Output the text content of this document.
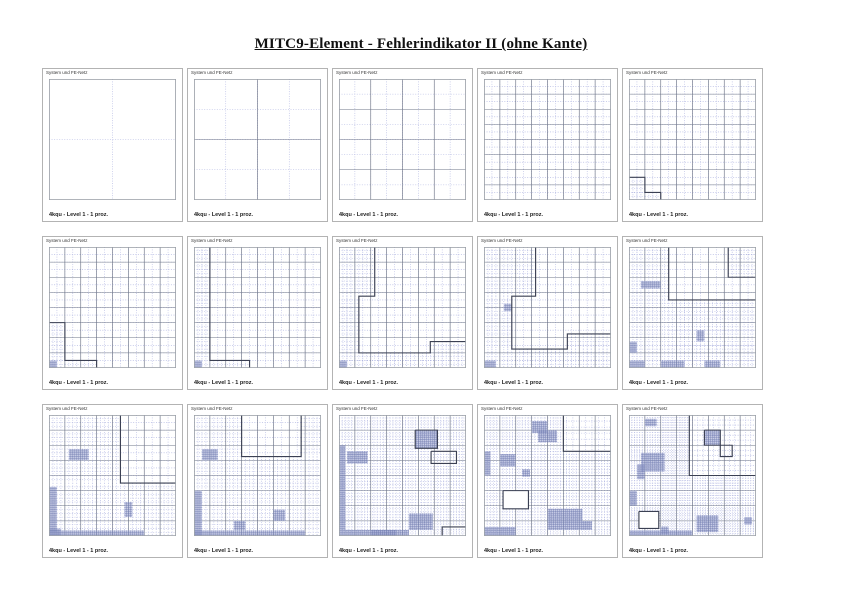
MITC9-Element - Fehlerindikator II (ohne Kante)
System und FE-Netz
4kqu - Level 1 - 1 proz.
System und FE-Netz
4kqu - Level 1 - 1 proz.
System und FE-Netz
4kqu - Level 1 - 1 proz.
System und FE-Netz
4kqu - Level 1 - 1 proz.
System und FE-Netz
4kqu - Level 1 - 1 proz.
System und FE-Netz
4kqu - Level 1 - 1 proz.
System und FE-Netz
4kqu - Level 1 - 1 proz.
System und FE-Netz
4kqu - Level 1 - 1 proz.
System und FE-Netz
4kqu - Level 1 - 1 proz.
System und FE-Netz
4kqu - Level 1 - 1 proz.
System und FE-Netz
4kqu - Level 1 - 1 proz.
System und FE-Netz
4kqu - Level 1 - 1 proz.
System und FE-Netz
4kqu - Level 1 - 1 proz.
System und FE-Netz
4kqu - Level 1 - 1 proz.
System und FE-Netz
4kqu - Level 1 - 1 proz.
